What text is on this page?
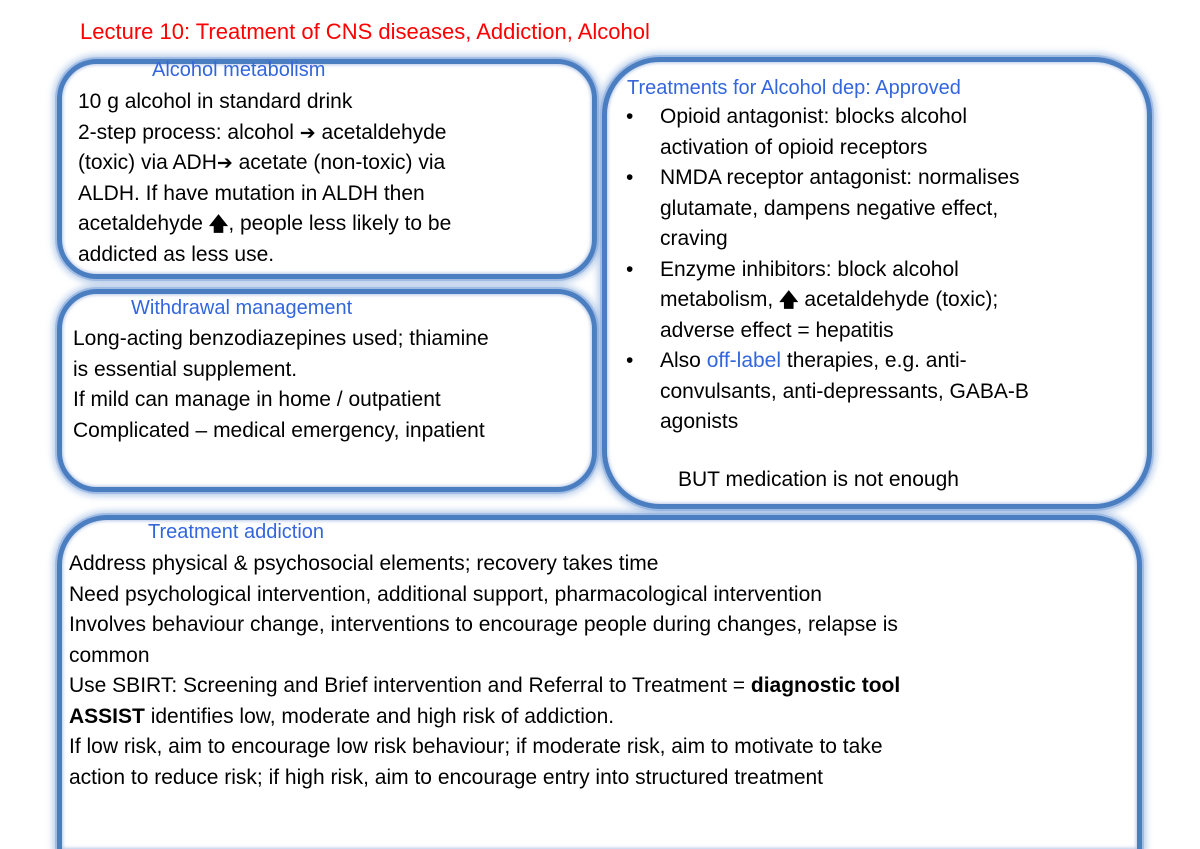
Lecture 10: Treatment of CNS diseases, Addiction, Alcohol
Alcohol metabolism
10 g alcohol in standard drink
2-step process: alcohol ➔ acetaldehyde
(toxic) via ADH➔ acetate (non-toxic) via
ALDH. If have mutation in ALDH then
acetaldehyde 🡅, people less likely to be
addicted as less use.
Withdrawal management
Long-acting benzodiazepines used; thiamine
is essential supplement.
If mild can manage in home / outpatient
Complicated – medical emergency, inpatient
Treatments for Alcohol dep: Approved
• Opioid antagonist: blocks alcohol
activation of opioid receptors
• NMDA receptor antagonist: normalises
glutamate, dampens negative effect,
craving
• Enzyme inhibitors: block alcohol
metabolism, 🡅 acetaldehyde (toxic);
adverse effect = hepatitis
• Also off-label therapies, e.g. anti-
convulsants, anti-depressants, GABA-B
agonists
BUT medication is not enough
Treatment addiction
Address physical & psychosocial elements; recovery takes time
Need psychological intervention, additional support, pharmacological intervention
Involves behaviour change, interventions to encourage people during changes, relapse is
common
Use SBIRT: Screening and Brief intervention and Referral to Treatment = diagnostic tool
ASSIST identifies low, moderate and high risk of addiction.
If low risk, aim to encourage low risk behaviour; if moderate risk, aim to motivate to take
action to reduce risk; if high risk, aim to encourage entry into structured treatment
